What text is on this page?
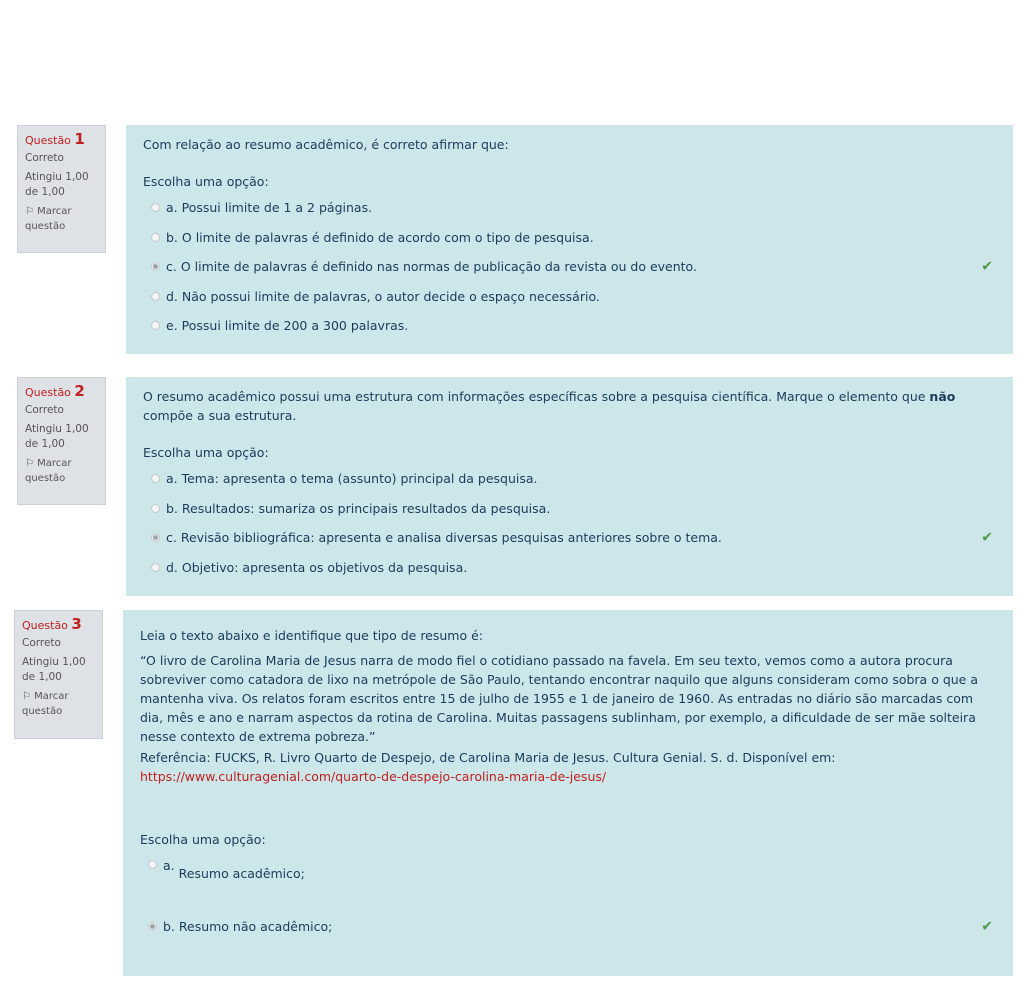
Questão 1
Correto
Atingiu 1,00 de 1,00
⚐ Marcar questão

Com relação ao resumo acadêmico, é correto afirmar que:

Escolha uma opção:
a. Possui limite de 1 a 2 páginas.
b. O limite de palavras é definido de acordo com o tipo de pesquisa.
c. O limite de palavras é definido nas normas de publicação da revista ou do evento.	✔
d. Não possui limite de palavras, o autor decide o espaço necessário.
e. Possui limite de 200 a 300 palavras.
Questão 2
Correto
Atingiu 1,00 de 1,00
⚐ Marcar questão

O resumo acadêmico possui uma estrutura com informações específicas sobre a pesquisa científica. Marque o elemento que não compõe a sua estrutura.

Escolha uma opção:
a. Tema: apresenta o tema (assunto) principal da pesquisa.
b. Resultados: sumariza os principais resultados da pesquisa.
c. Revisão bibliográfica: apresenta e analisa diversas pesquisas anteriores sobre o tema.	✔
d. Objetivo: apresenta os objetivos da pesquisa.
Questão 3
Correto
Atingiu 1,00 de 1,00
⚐ Marcar questão

Leia o texto abaixo e identifique que tipo de resumo é:

“O livro de Carolina Maria de Jesus narra de modo fiel o cotidiano passado na favela. Em seu texto, vemos como a autora procura sobreviver como catadora de lixo na metrópole de São Paulo, tentando encontrar naquilo que alguns consideram como sobra o que a mantenha viva. Os relatos foram escritos entre 15 de julho de 1955 e 1 de janeiro de 1960. As entradas no diário são marcadas com dia, mês e ano e narram aspectos da rotina de Carolina. Muitas passagens sublinham, por exemplo, a dificuldade de ser mãe solteira nesse contexto de extrema pobreza.”

Referência: FUCKS, R. Livro Quarto de Despejo, de Carolina Maria de Jesus. Cultura Genial. S. d. Disponível em:
https://www.culturagenial.com/quarto-de-despejo-carolina-maria-de-jesus/
Escolha uma opção:
a.
Resumo acadêmico;
b. Resumo não acadêmico;	✔
